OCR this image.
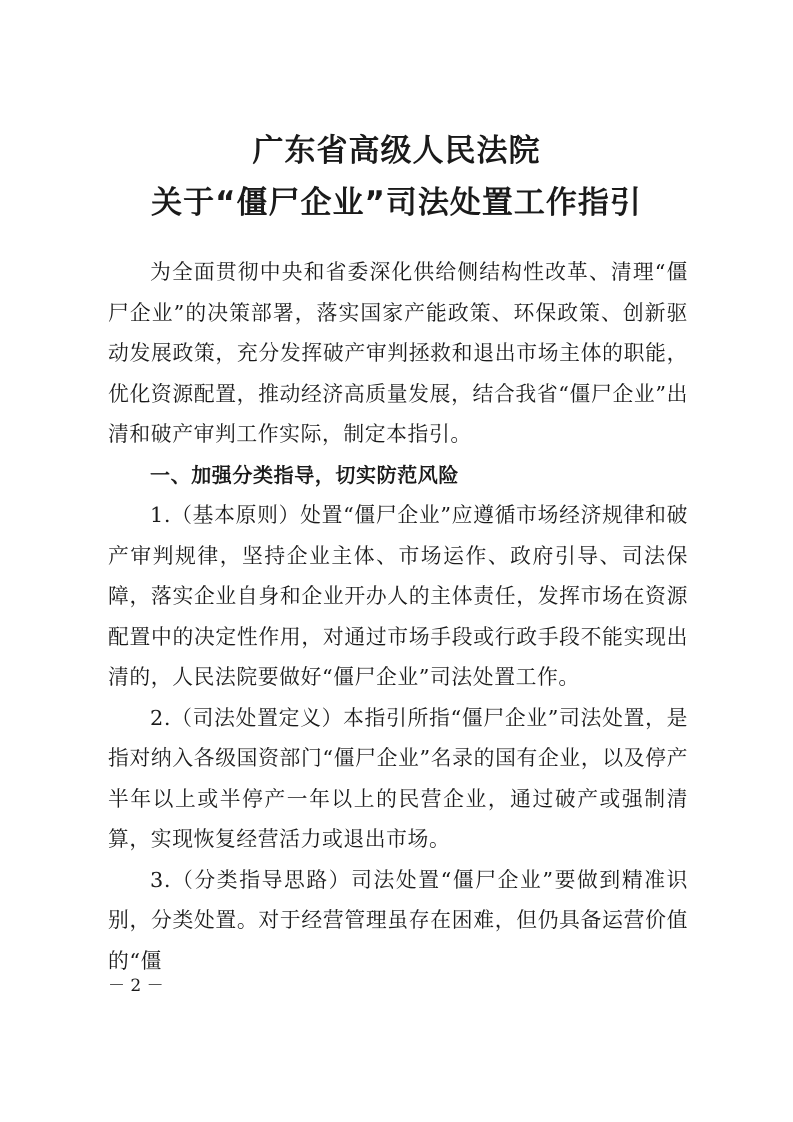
广东省高级人民法院
关于“僵尸企业”司法处置工作指引

为全面贯彻中央和省委深化供给侧结构性改革、清理“僵尸企业”的决策部署，落实国家产能政策、环保政策、创新驱动发展政策，充分发挥破产审判拯救和退出市场主体的职能，优化资源配置，推动经济高质量发展，结合我省“僵尸企业”出清和破产审判工作实际，制定本指引。

一、加强分类指导，切实防范风险

1.（基本原则）处置“僵尸企业”应遵循市场经济规律和破产审判规律，坚持企业主体、市场运作、政府引导、司法保障，落实企业自身和企业开办人的主体责任，发挥市场在资源配置中的决定性作用，对通过市场手段或行政手段不能实现出清的，人民法院要做好“僵尸企业”司法处置工作。

2.（司法处置定义）本指引所指“僵尸企业”司法处置，是指对纳入各级国资部门“僵尸企业”名录的国有企业，以及停产半年以上或半停产一年以上的民营企业，通过破产或强制清算，实现恢复经营活力或退出市场。

3.（分类指导思路）司法处置“僵尸企业”要做到精准识别，分类处置。对于经营管理虽存在困难，但仍具备运营价值的“僵

－ 2 －
